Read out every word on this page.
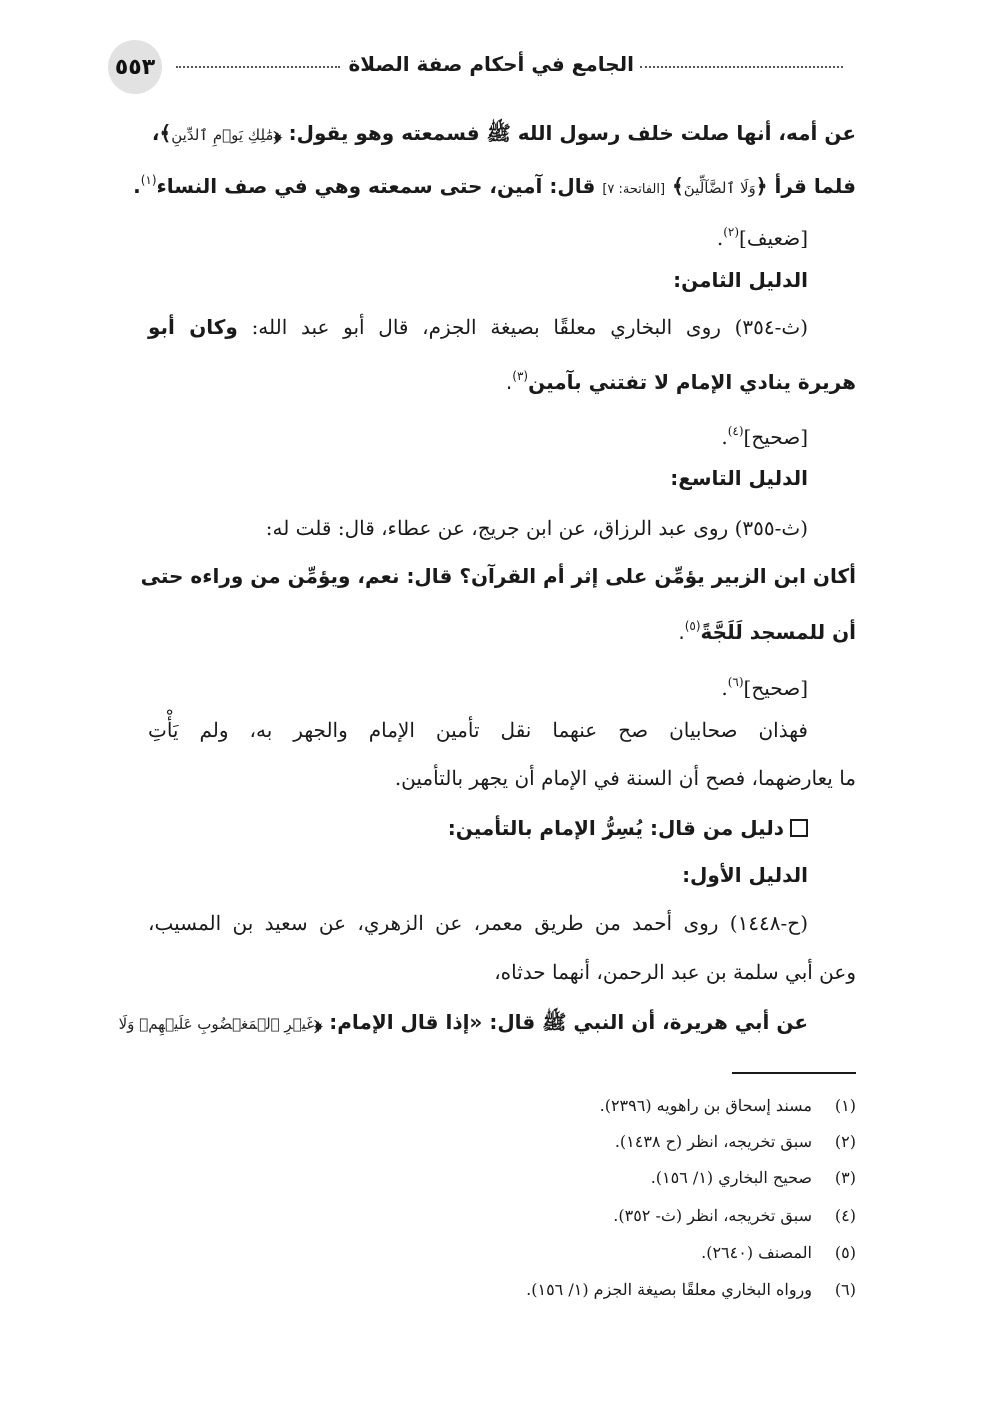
٥٥٣	الجامع في أحكام صفة الصلاة
عن أمه، أنها صلت خلف رسول الله ﷺ فسمعته وهو يقول: ﴿مَٰلِكِ يَوۡمِ ٱلدِّينِ﴾،
فلما قرأ ﴿وَلَا ٱلضَّآلِّينَ﴾ [الفاتحة: ٧] قال: آمين، حتى سمعته وهي في صف النساء$^{(١)}$.
[ضعيف]$^{(٢)}$.
الدليل الثامن:
(ث-٣٥٤) روى البخاري معلقًا بصيغة الجزم، قال أبو عبد الله: وكان أبو
هريرة ينادي الإمام لا تفتني بآمين$^{(٣)}$.
[صحيح]$^{(٤)}$.
الدليل التاسع:
(ث-٣٥٥) روى عبد الرزاق، عن ابن جريج، عن عطاء، قال: قلت له:
أكان ابن الزبير يؤمِّن على إثر أم القرآن؟ قال: نعم، ويؤمِّن من وراءه حتى
أن للمسجد لَلَجَّةً$^{(٥)}$.
[صحيح]$^{(٦)}$.
فهذان صحابيان صح عنهما نقل تأمين الإمام والجهر به، ولم يَأْتِ
ما يعارضهما، فصح أن السنة في الإمام أن يجهر بالتأمين.
دليل من قال: يُسِرُّ الإمام بالتأمين:
الدليل الأول:
(ح-١٤٤٨) روى أحمد من طريق معمر، عن الزهري، عن سعيد بن المسيب،
وعن أبي سلمة بن عبد الرحمن، أنهما حدثاه،
عن أبي هريرة، أن النبي ﷺ قال: «إذا قال الإمام: ﴿غَيۡرِ ٱلۡمَغۡضُوبِ عَلَيۡهِمۡ وَلَا
(١)مسند إسحاق بن راهويه (٢٣٩٦).
(٢)سبق تخريجه، انظر (ح ١٤٣٨).
(٣)صحيح البخاري (١/ ١٥٦).
(٤)سبق تخريجه، انظر (ث- ٣٥٢).
(٥)المصنف (٢٦٤٠).
(٦)ورواه البخاري معلقًا بصيغة الجزم (١/ ١٥٦).
